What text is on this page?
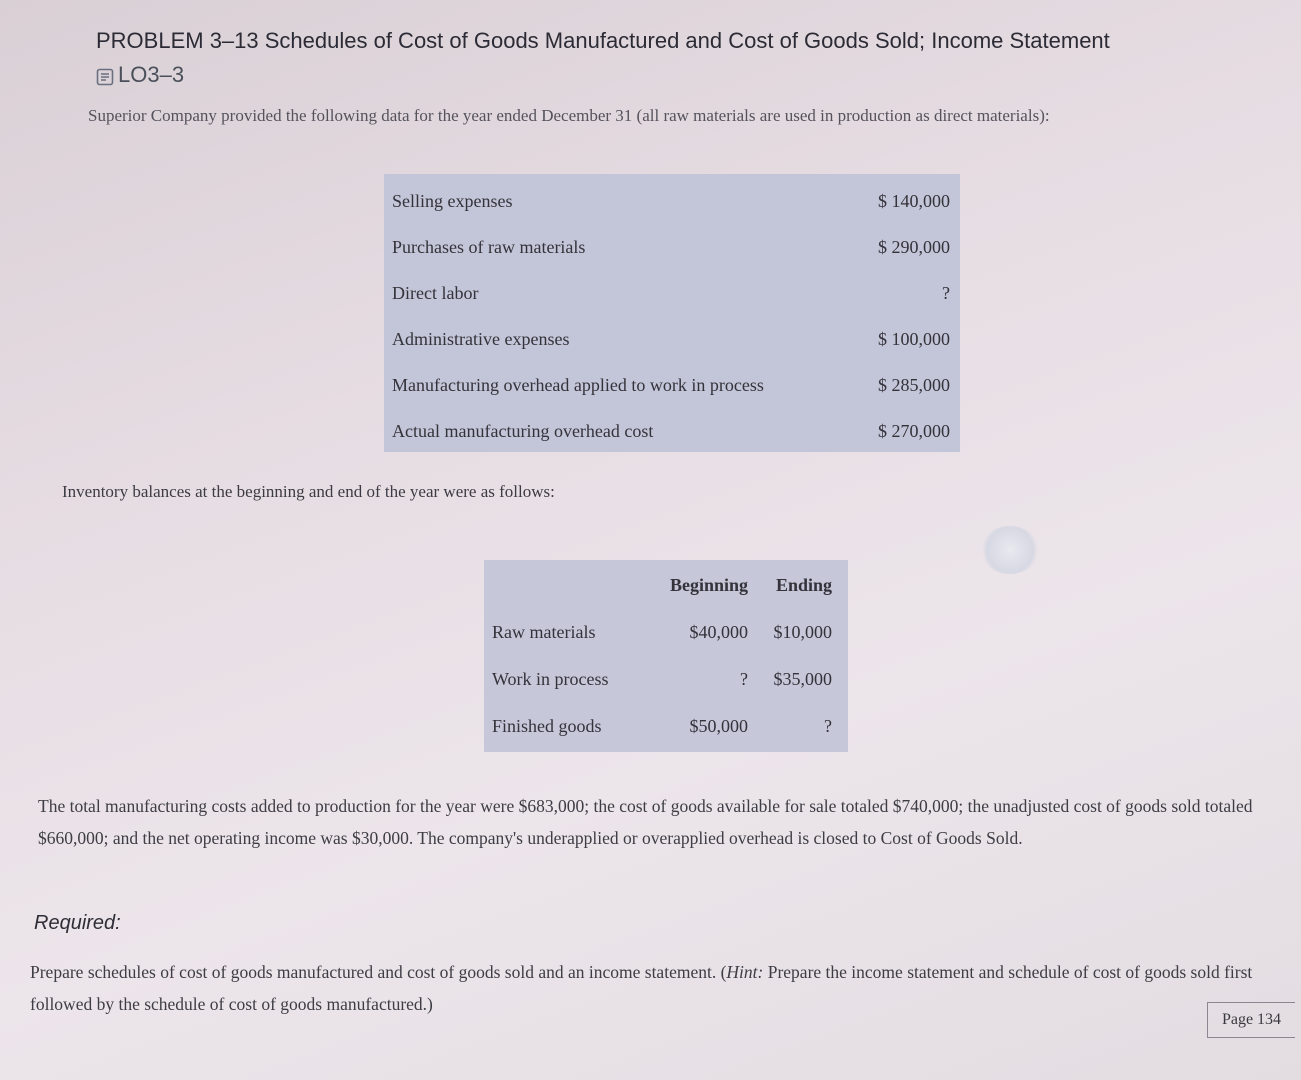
PROBLEM 3–13 Schedules of Cost of Goods Manufactured and Cost of Goods Sold; Income Statement
LO3–3
Superior Company provided the following data for the year ended December 31 (all raw materials are used in production as direct materials):
Selling expenses	$ 140,000
Purchases of raw materials	$ 290,000
Direct labor	?
Administrative expenses	$ 100,000
Manufacturing overhead applied to work in process	$ 285,000
Actual manufacturing overhead cost	$ 270,000
Inventory balances at the beginning and end of the year were as follows:
Beginning	Ending
Raw materials	$40,000	$10,000
Work in process	?	$35,000
Finished goods	$50,000	?
The total manufacturing costs added to production for the year were $683,000; the cost of goods available for sale totaled $740,000; the unadjusted cost of goods sold totaled $660,000; and the net operating income was $30,000. The company's underapplied or overapplied overhead is closed to Cost of Goods Sold.
Required:
Prepare schedules of cost of goods manufactured and cost of goods sold and an income statement. (Hint: Prepare the income statement and schedule of cost of goods sold first followed by the schedule of cost of goods manufactured.)
Page 134
